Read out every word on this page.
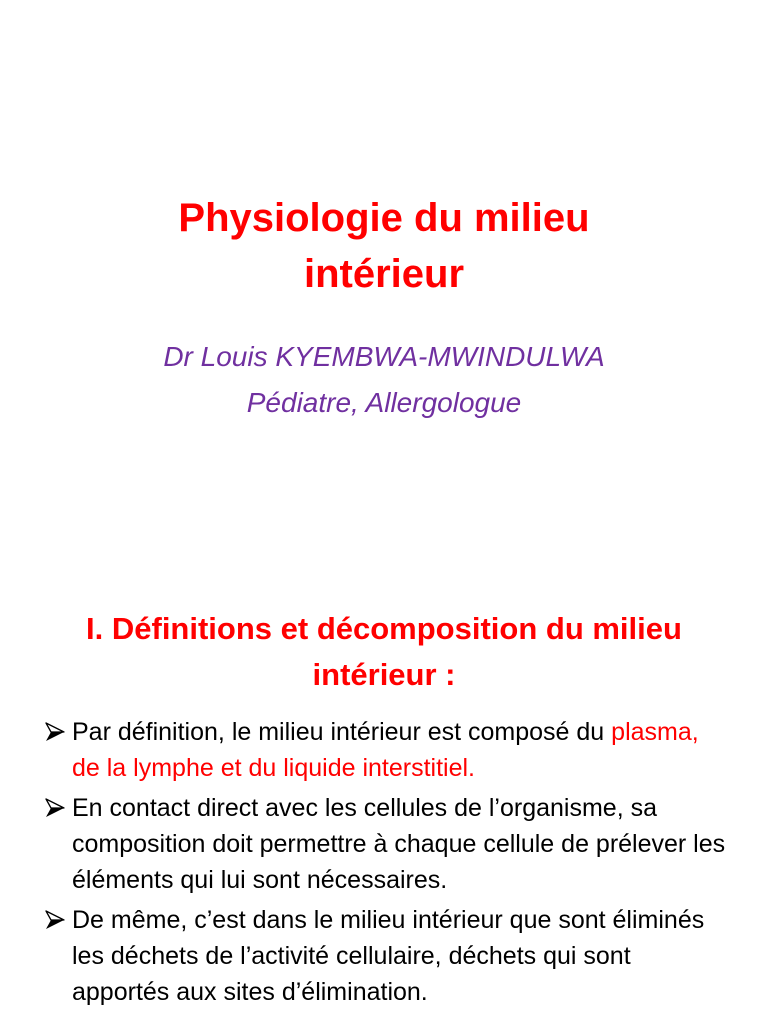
Physiologie du milieu
intérieur
Dr Louis KYEMBWA-MWINDULWA
Pédiatre, Allergologue
I. Définitions et décomposition du milieu
intérieur :
Par définition, le milieu intérieur est composé du plasma, de la lymphe et du liquide interstitiel.
En contact direct avec les cellules de l’organisme, sa composition doit permettre à chaque cellule de prélever les éléments qui lui sont nécessaires.
De même, c’est dans le milieu intérieur que sont éliminés les déchets de l’activité cellulaire, déchets qui sont apportés aux sites d’élimination.
